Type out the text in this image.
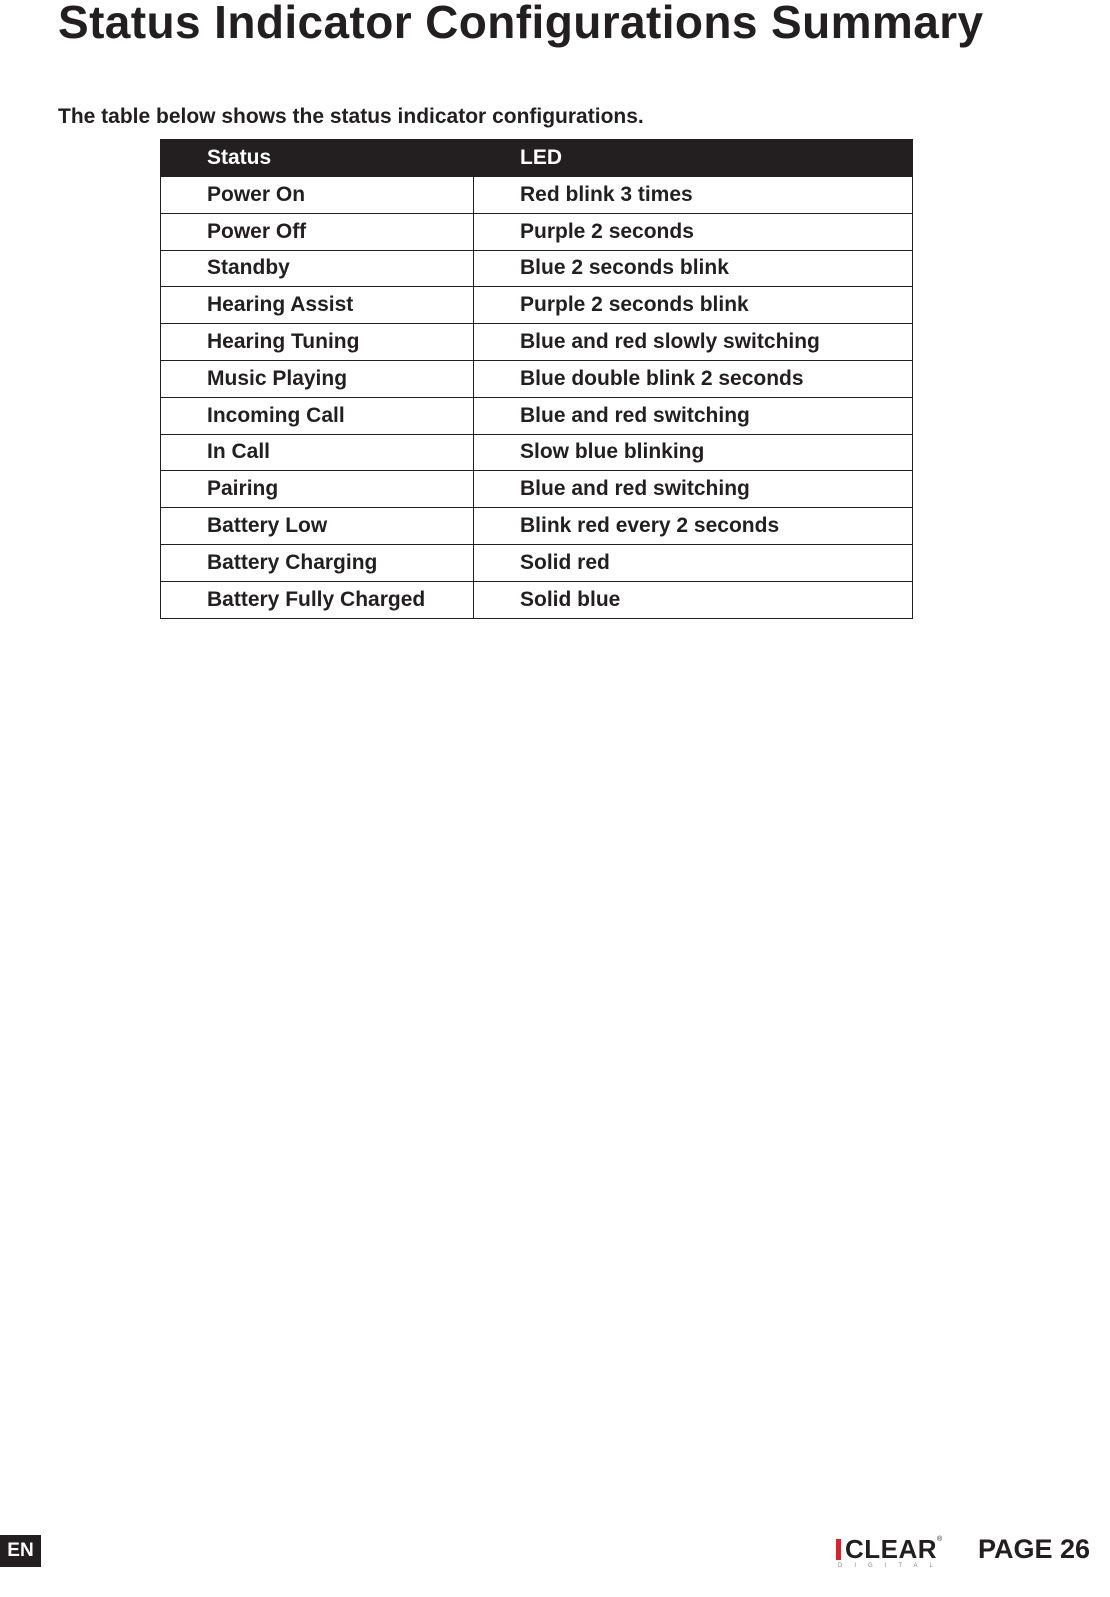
Status Indicator Configurations Summary

The table below shows the status indicator configurations.

Status	LED
Power On	Red blink 3 times
Power Off	Purple 2 seconds
Standby	Blue 2 seconds blink
Hearing Assist	Purple 2 seconds blink
Hearing Tuning	Blue and red slowly switching
Music Playing	Blue double blink 2 seconds
Incoming Call	Blue and red switching
In Call	Slow blue blinking
Pairing	Blue and red switching
Battery Low	Blink red every 2 seconds
Battery Charging	Solid red
Battery Fully Charged	Solid blue
EN	CLEAR ®
DIGITAL
PAGE 26
